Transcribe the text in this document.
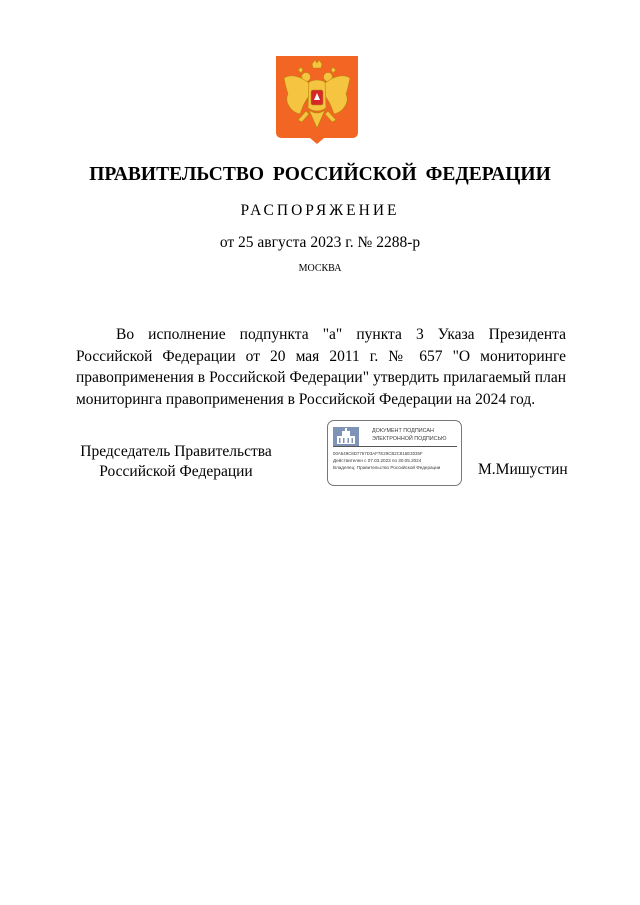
ПРАВИТЕЛЬСТВО РОССИЙСКОЙ ФЕДЕРАЦИИ
РАСПОРЯЖЕНИЕ
от 25 августа 2023 г. № 2288-р
МОСКВА

Во исполнение подпункта "а" пункта 3 Указа Президента Российской Федерации от 20 мая 2011 г. № 657 "О мониторинге правоприменения в Российской Федерации" утвердить прилагаемый план мониторинга правоприменения в Российской Федерации на 2024 год.

Председатель Правительства
Российской Федерации
ДОКУМЕНТ ПОДПИСАН
ЭЛЕКТРОННОЙ ПОДПИСЬЮ
00A549C8D7767D3AF7E29CB2C816E3035F
Действителен с 07.03.2023 по 30.05.2024
Владелец: Правительство Российской Федерации М.Мишустин
